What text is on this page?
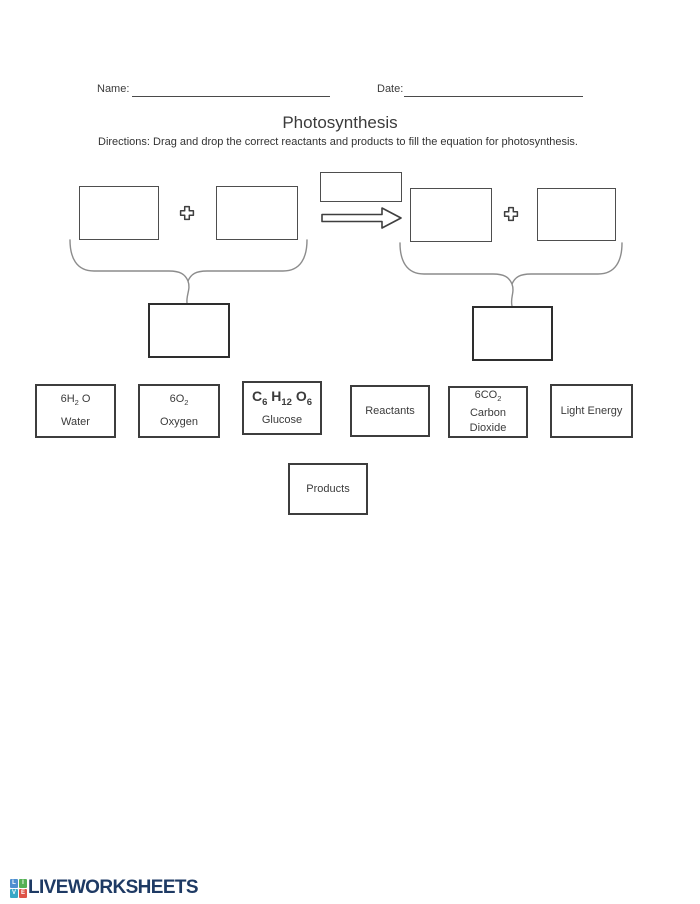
Name:	Date:
Photosynthesis
Directions: Drag and drop the correct reactants and products to fill the equation for photosynthesis.
$6H_2$ O
Water
$6O_2$
Oxygen
$C_6$ $H_{12}$ $O_6$
Glucose
Reactants
$6CO_2$
Carbon
Dioxide
Light Energy
Products
L	I
V E LIVEWORKSHEETS
